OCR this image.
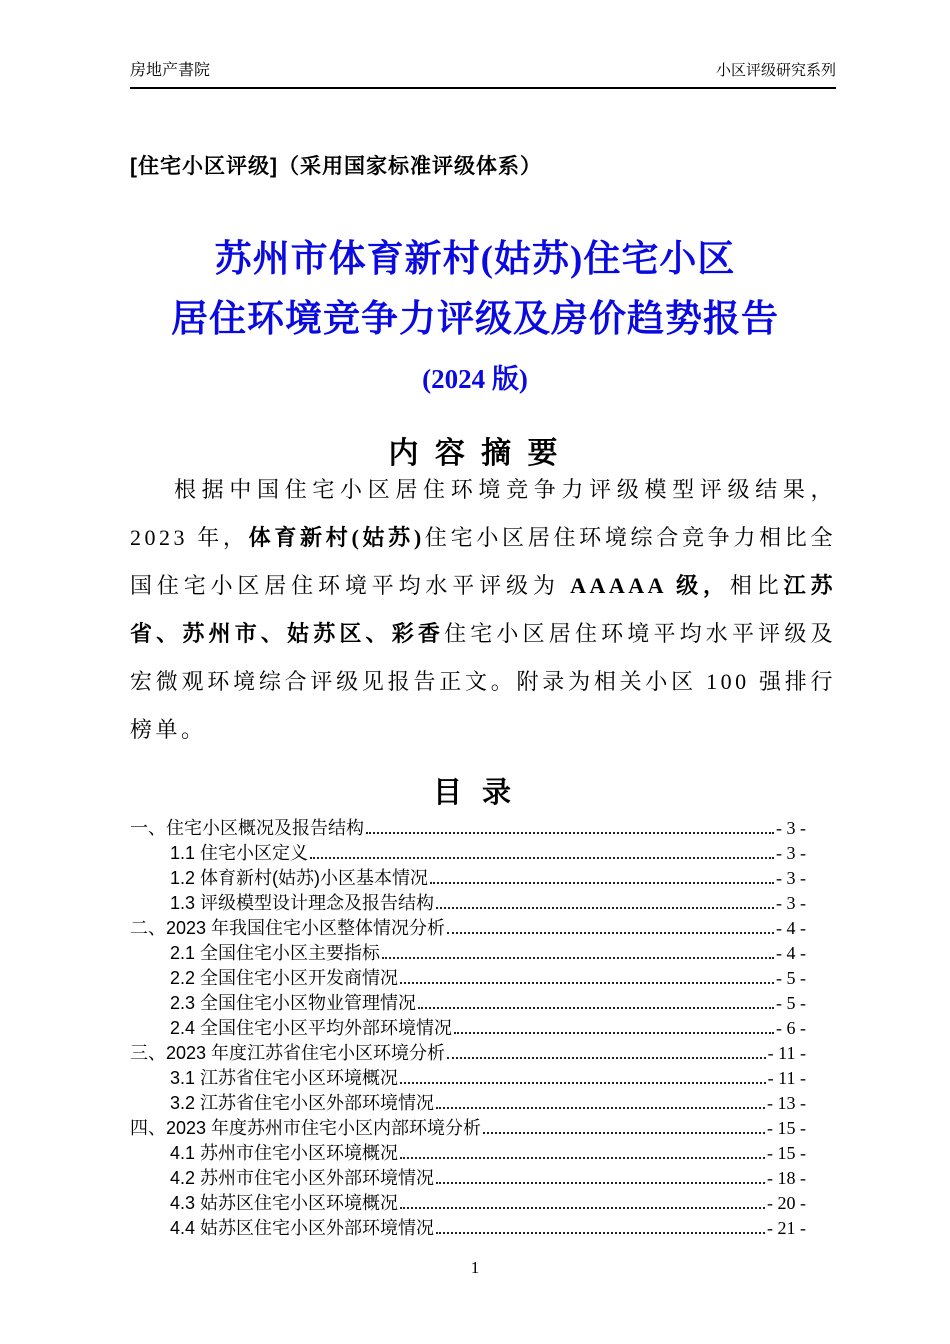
房地产書院	小区评级研究系列
[住宅小区评级]（采用国家标准评级体系）
苏州市体育新村(姑苏)住宅小区
居住环境竞争力评级及房价趋势报告
(2024 版)
内 容 摘 要
根据中国住宅小区居住环境竞争力评级模型评级结果，2023 年，体育新村(姑苏)住宅小区居住环境综合竞争力相比全国住宅小区居住环境平均水平评级为 AAAAA 级，相比江苏省、苏州市、姑苏区、彩香住宅小区居住环境平均水平评级及宏微观环境综合评级见报告正文。附录为相关小区 100 强排行榜单。
目 录
一、住宅小区概况及报告结构	- 3 -
1.1 住宅小区定义	- 3 -
1.2 体育新村(姑苏)小区基本情况	- 3 -
1.3 评级模型设计理念及报告结构	- 3 -
二、2023 年我国住宅小区整体情况分析	- 4 -
2.1 全国住宅小区主要指标	- 4 -
2.2 全国住宅小区开发商情况	- 5 -
2.3 全国住宅小区物业管理情况	- 5 -
2.4 全国住宅小区平均外部环境情况	- 6 -
三、2023 年度江苏省住宅小区环境分析	- 11 -
3.1 江苏省住宅小区环境概况	- 11 -
3.2 江苏省住宅小区外部环境情况	- 13 -
四、2023 年度苏州市住宅小区内部环境分析	- 15 -
4.1 苏州市住宅小区环境概况	- 15 -
4.2 苏州市住宅小区外部环境情况	- 18 -
4.3 姑苏区住宅小区环境概况	- 20 -
4.4 姑苏区住宅小区外部环境情况	- 21 -
1
